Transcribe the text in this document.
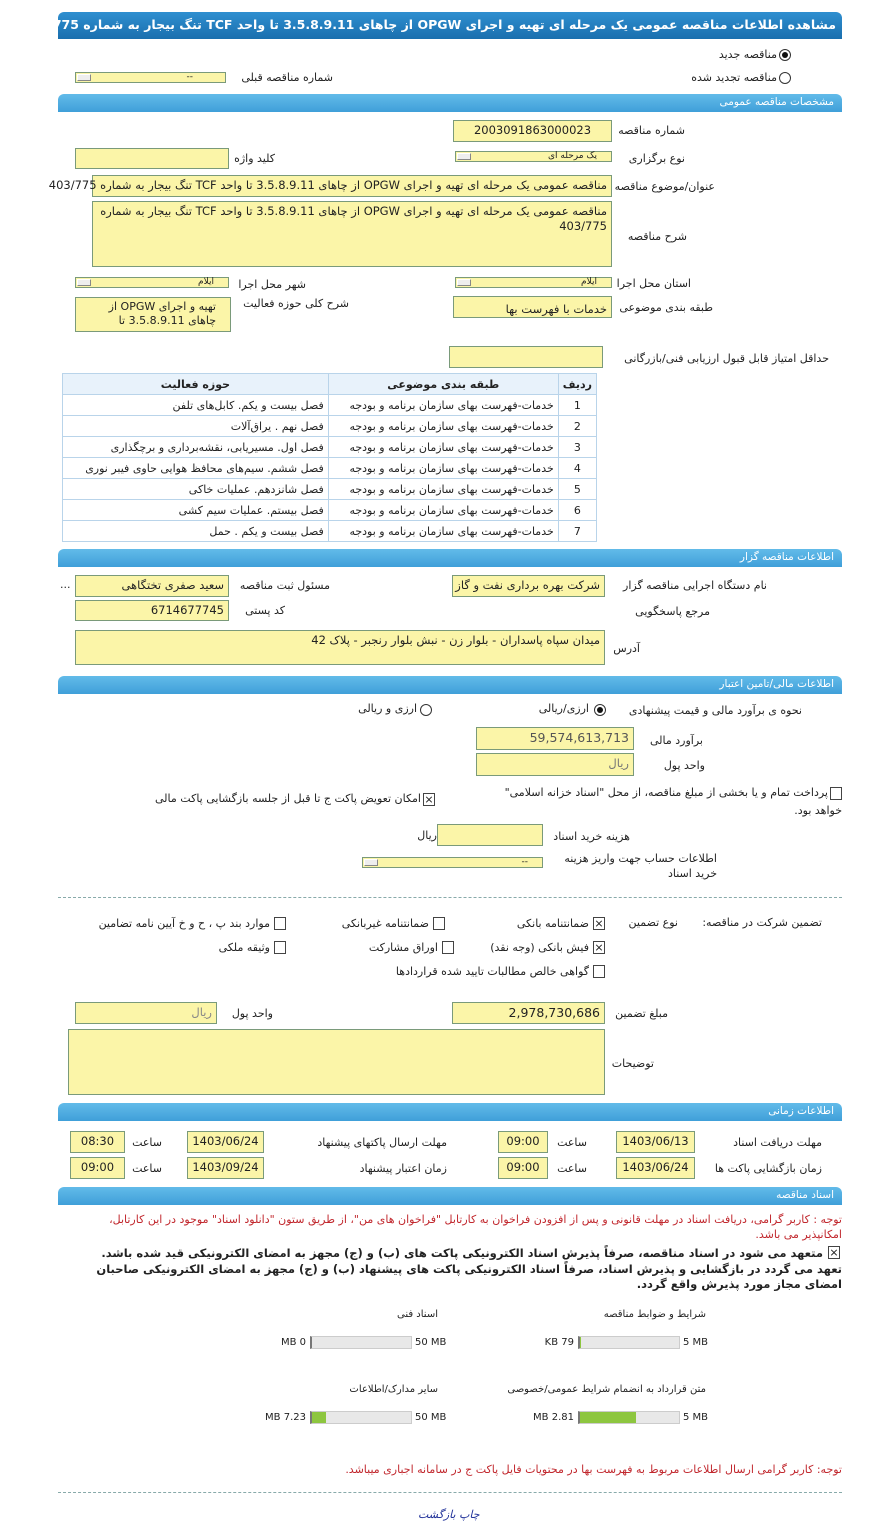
مشاهده اطلاعات مناقصه عمومی یک مرحله ای تهیه و اجرای OPGW از چاهای 3.5.8.9.11 تا واحد TCF تنگ بیجار به شماره 403/775
مناقصه جدید
مناقصه تجدید شده
شماره مناقصه قبلی
--
مشخصات مناقصه عمومی
شماره مناقصه
2003091863000023
نوع برگزاری
یک مرحله ای
کلید واژه
عنوان/موضوع مناقصه
مناقصه عمومی یک مرحله ای تهیه و اجرای OPGW از چاهای 3.5.8.9.11 تا واحد TCF تنگ بیجار به شماره 403/775
شرح مناقصه
مناقصه عمومی یک مرحله ای تهیه و اجرای OPGW از چاهای 3.5.8.9.11 تا واحد TCF تنگ بیجار به شماره 403/775
استان محل اجرا
ایلام
شهر محل اجرا
ایلام
طبقه بندی موضوعی
خدمات با فهرست بها
شرح کلی حوزه فعالیت
تهیه و اجرای OPGW از چاهای 3.5.8.9.11 تا
حداقل امتیاز قابل قبول ارزیابی فنی/بازرگانی
ردیف	طبقه بندی موضوعی	حوزه فعالیت
1	خدمات-فهرست بهای سازمان برنامه و بودجه	فصل بیست و یکم. کابل‌های تلفن
2	خدمات-فهرست بهای سازمان برنامه و بودجه	فصل نهم . یراق‌آلات
3	خدمات-فهرست بهای سازمان برنامه و بودجه	فصل اول. مسیریابی، نقشه‌برداری و برچگذاری
4	خدمات-فهرست بهای سازمان برنامه و بودجه	فصل ششم. سیم‌های محافظ هوایی حاوی فیبر نوری
5	خدمات-فهرست بهای سازمان برنامه و بودجه	فصل شانزدهم. عملیات خاکی
6	خدمات-فهرست بهای سازمان برنامه و بودجه	فصل بیستم. عملیات سیم کشی
7	خدمات-فهرست بهای سازمان برنامه و بودجه	فصل بیست و یکم . حمل
اطلاعات مناقصه گزار
نام دستگاه اجرایی مناقصه گزار
شرکت بهره برداری نفت و گاز
مسئول ثبت مناقصه
سعید صفری تختگاهی
...
مرجع پاسخگویی
کد پستی
6714677745
آدرس
میدان سپاه پاسداران - بلوار زن - نبش بلوار رنجبر - پلاک 42
اطلاعات مالی/تامین اعتبار
نحوه ی برآورد مالی و قیمت پیشنهادی
ارزی/ریالی
ارزی و ریالی
برآورد مالی
59,574,613,713
واحد پول
ریال
پرداخت تمام و یا بخشی از مبلغ مناقصه، از محل "اسناد خزانه اسلامی"
خواهد بود.
⨯
امکان تعویض پاکت ج تا قبل از جلسه بازگشایی پاکت مالی
هزینه خرید اسناد
ریال
اطلاعات حساب جهت واریز هزینه خرید اسناد
--
تضمین شرکت در مناقصه:
نوع تضمین
⨯
ضمانتنامه بانکی
ضمانتنامه غیربانکی
موارد بند پ ، ح و خ آیین نامه تضامین
⨯
فیش بانکی (وجه نقد)
اوراق مشارکت
وثیقه ملکی
گواهی خالص مطالبات تایید شده قراردادها
مبلغ تضمین
2,978,730,686
واحد پول
ریال
توضیحات
اطلاعات زمانی
مهلت دریافت اسناد
1403/06/13
ساعت
09:00
مهلت ارسال پاکتهای پیشنهاد
1403/06/24
ساعت
08:30
زمان بازگشایی پاکت ها
1403/06/24
ساعت
09:00
زمان اعتبار پیشنهاد
1403/09/24
ساعت
09:00
اسناد مناقصه
توجه : کاربر گرامی، دریافت اسناد در مهلت قانونی و پس از افزودن فراخوان به کارتابل "فراخوان های من"، از طریق ستون "دانلود اسناد" موجود در این کارتابل،
امکانپذیر می باشد.
⨯
متعهد می شود در اسناد مناقصه، صرفاً پذیرش اسناد الکترونیکی پاکت های (ب) و (ج) مجهز به امضای الکترونیکی قید شده باشد.
تعهد می گردد در بازگشایی و پذیرش اسناد، صرفاً اسناد الکترونیکی پاکت های پیشنهاد (ب) و (ج) مجهز به امضای الکترونیکی صاحبان
امضای مجاز مورد پذیرش واقع گردد.
شرایط و ضوابط مناقصه
5 MB
79 KB
اسناد فنی
50 MB
0 MB
متن قرارداد به انضمام شرایط عمومی/خصوصی
5 MB
2.81 MB
سایر مدارک/اطلاعات
50 MB
7.23 MB
توجه: کاربر گرامی ارسال اطلاعات مربوط به فهرست بها در محتویات فایل پاکت ج در سامانه اجباری میباشد.
چاپ بازگشت
